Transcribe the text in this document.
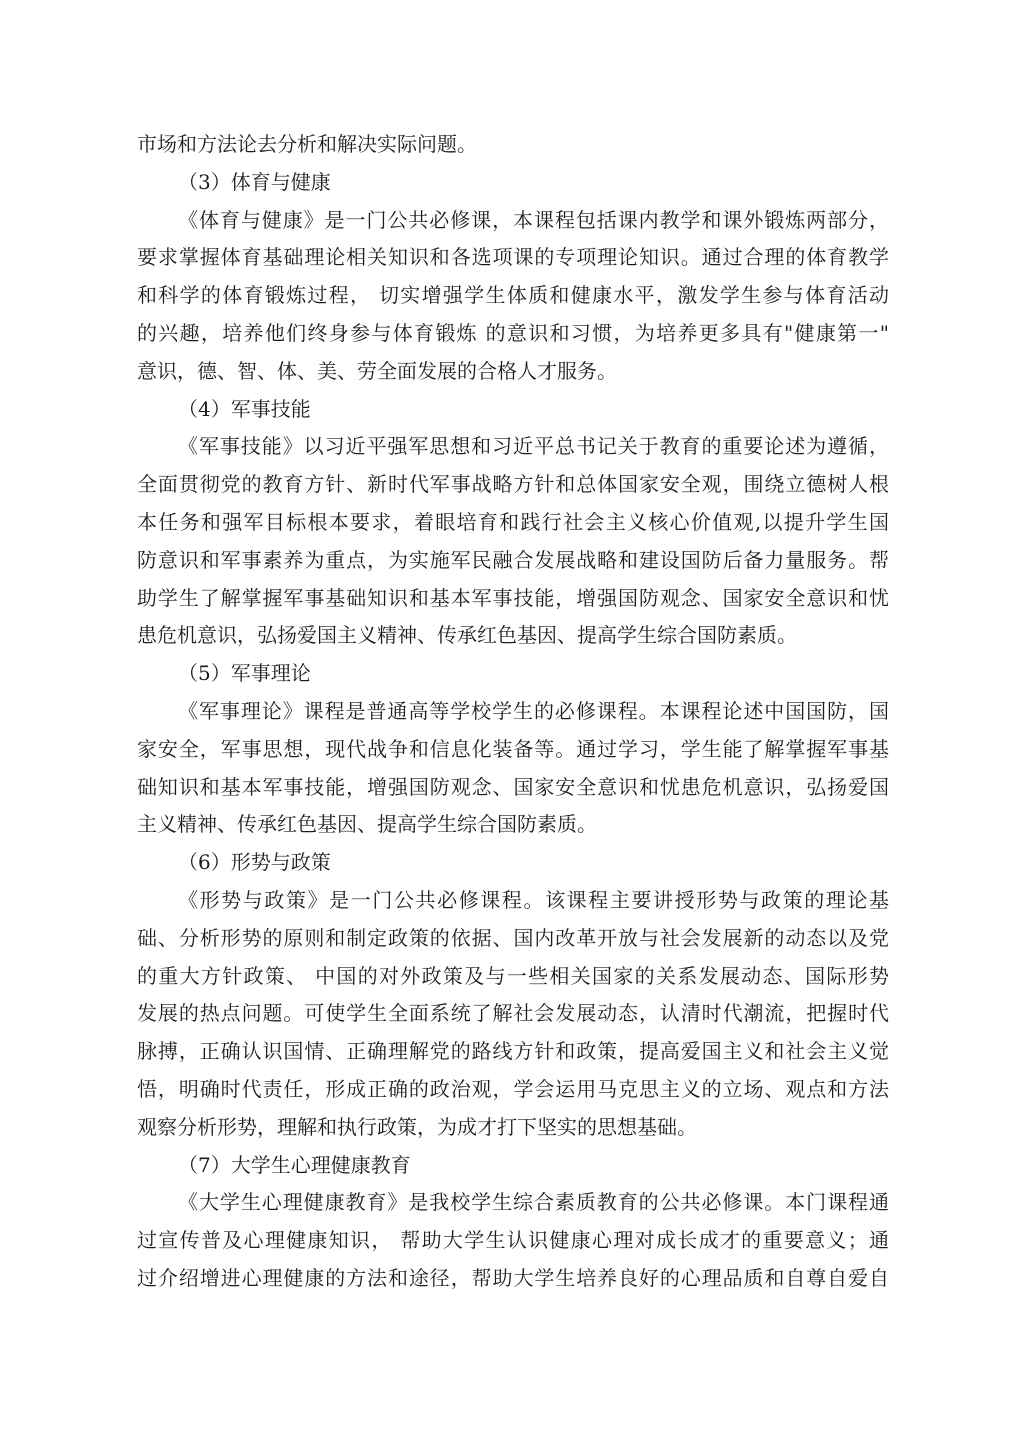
市场和方法论去分析和解决实际问题。
（3）体育与健康
《体育与健康》是一门公共必修课，本课程包括课内教学和课外锻炼两部分，
要求掌握体育基础理论相关知识和各选项课的专项理论知识。通过合理的体育教学
和科学的体育锻炼过程， 切实增强学生体质和健康水平，激发学生参与体育活动
的兴趣，培养他们终身参与体育锻炼 的意识和习惯，为培养更多具有"健康第一"
意识，德、智、体、美、劳全面发展的合格人才服务。
（4）军事技能
《军事技能》以习近平强军思想和习近平总书记关于教育的重要论述为遵循，
全面贯彻党的教育方针、新时代军事战略方针和总体国家安全观，围绕立德树人根
本任务和强军目标根本要求，着眼培育和践行社会主义核心价值观,以提升学生国
防意识和军事素养为重点，为实施军民融合发展战略和建设国防后备力量服务。帮
助学生了解掌握军事基础知识和基本军事技能，增强国防观念、国家安全意识和忧
患危机意识，弘扬爱国主义精神、传承红色基因、提高学生综合国防素质。
（5）军事理论
《军事理论》课程是普通高等学校学生的必修课程。本课程论述中国国防，国
家安全，军事思想，现代战争和信息化装备等。通过学习，学生能了解掌握军事基
础知识和基本军事技能，增强国防观念、国家安全意识和忧患危机意识，弘扬爱国
主义精神、传承红色基因、提高学生综合国防素质。
（6）形势与政策
《形势与政策》是一门公共必修课程。该课程主要讲授形势与政策的理论基
础、分析形势的原则和制定政策的依据、国内改革开放与社会发展新的动态以及党
的重大方针政策、 中国的对外政策及与一些相关国家的关系发展动态、国际形势
发展的热点问题。可使学生全面系统了解社会发展动态，认清时代潮流，把握时代
脉搏，正确认识国情、正确理解党的路线方针和政策，提高爱国主义和社会主义觉
悟，明确时代责任，形成正确的政治观，学会运用马克思主义的立场、观点和方法
观察分析形势，理解和执行政策，为成才打下坚实的思想基础。
（7）大学生心理健康教育
《大学生心理健康教育》是我校学生综合素质教育的公共必修课。本门课程通
过宣传普及心理健康知识， 帮助大学生认识健康心理对成长成才的重要意义；通
过介绍增进心理健康的方法和途径，帮助大学生培养良好的心理品质和自尊自爱自
